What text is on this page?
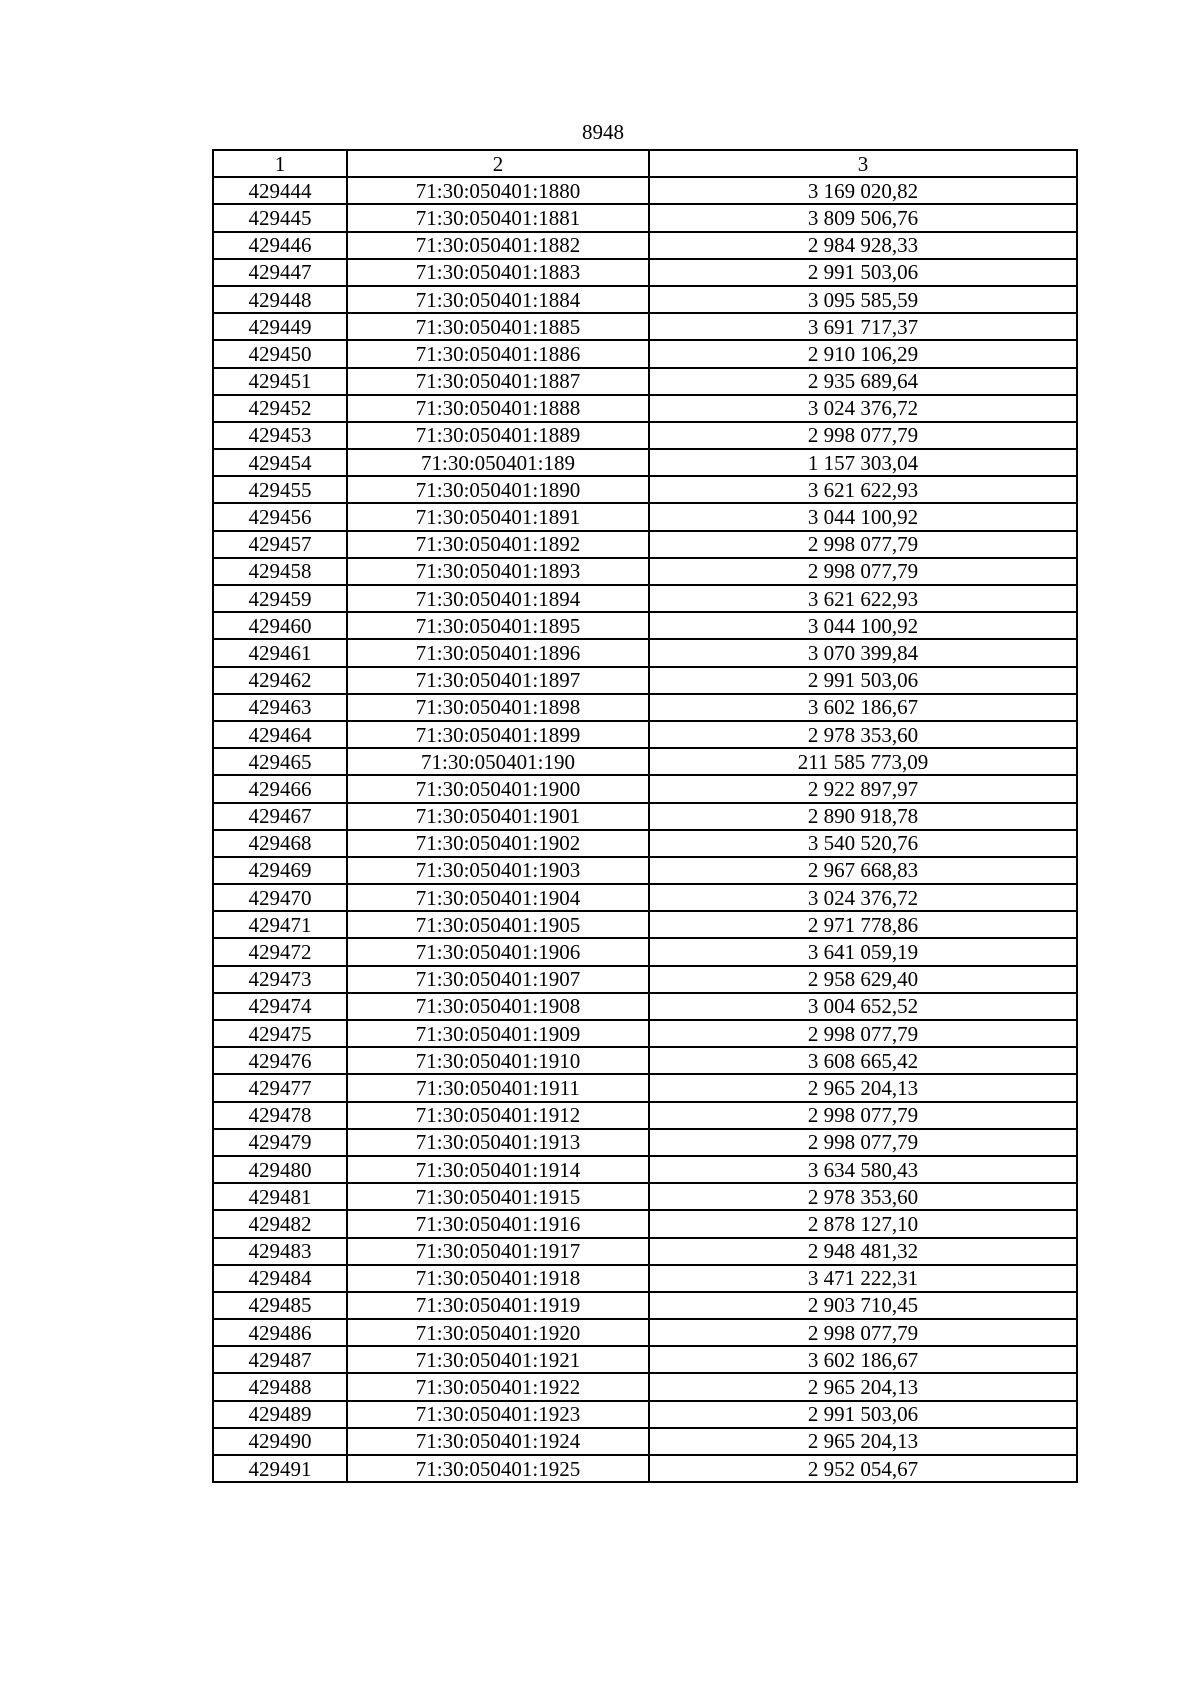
8948
1	2	3
429444	71:30:050401:1880	3 169 020,82
429445	71:30:050401:1881	3 809 506,76
429446	71:30:050401:1882	2 984 928,33
429447	71:30:050401:1883	2 991 503,06
429448	71:30:050401:1884	3 095 585,59
429449	71:30:050401:1885	3 691 717,37
429450	71:30:050401:1886	2 910 106,29
429451	71:30:050401:1887	2 935 689,64
429452	71:30:050401:1888	3 024 376,72
429453	71:30:050401:1889	2 998 077,79
429454	71:30:050401:189	1 157 303,04
429455	71:30:050401:1890	3 621 622,93
429456	71:30:050401:1891	3 044 100,92
429457	71:30:050401:1892	2 998 077,79
429458	71:30:050401:1893	2 998 077,79
429459	71:30:050401:1894	3 621 622,93
429460	71:30:050401:1895	3 044 100,92
429461	71:30:050401:1896	3 070 399,84
429462	71:30:050401:1897	2 991 503,06
429463	71:30:050401:1898	3 602 186,67
429464	71:30:050401:1899	2 978 353,60
429465	71:30:050401:190	211 585 773,09
429466	71:30:050401:1900	2 922 897,97
429467	71:30:050401:1901	2 890 918,78
429468	71:30:050401:1902	3 540 520,76
429469	71:30:050401:1903	2 967 668,83
429470	71:30:050401:1904	3 024 376,72
429471	71:30:050401:1905	2 971 778,86
429472	71:30:050401:1906	3 641 059,19
429473	71:30:050401:1907	2 958 629,40
429474	71:30:050401:1908	3 004 652,52
429475	71:30:050401:1909	2 998 077,79
429476	71:30:050401:1910	3 608 665,42
429477	71:30:050401:1911	2 965 204,13
429478	71:30:050401:1912	2 998 077,79
429479	71:30:050401:1913	2 998 077,79
429480	71:30:050401:1914	3 634 580,43
429481	71:30:050401:1915	2 978 353,60
429482	71:30:050401:1916	2 878 127,10
429483	71:30:050401:1917	2 948 481,32
429484	71:30:050401:1918	3 471 222,31
429485	71:30:050401:1919	2 903 710,45
429486	71:30:050401:1920	2 998 077,79
429487	71:30:050401:1921	3 602 186,67
429488	71:30:050401:1922	2 965 204,13
429489	71:30:050401:1923	2 991 503,06
429490	71:30:050401:1924	2 965 204,13
429491	71:30:050401:1925	2 952 054,67
